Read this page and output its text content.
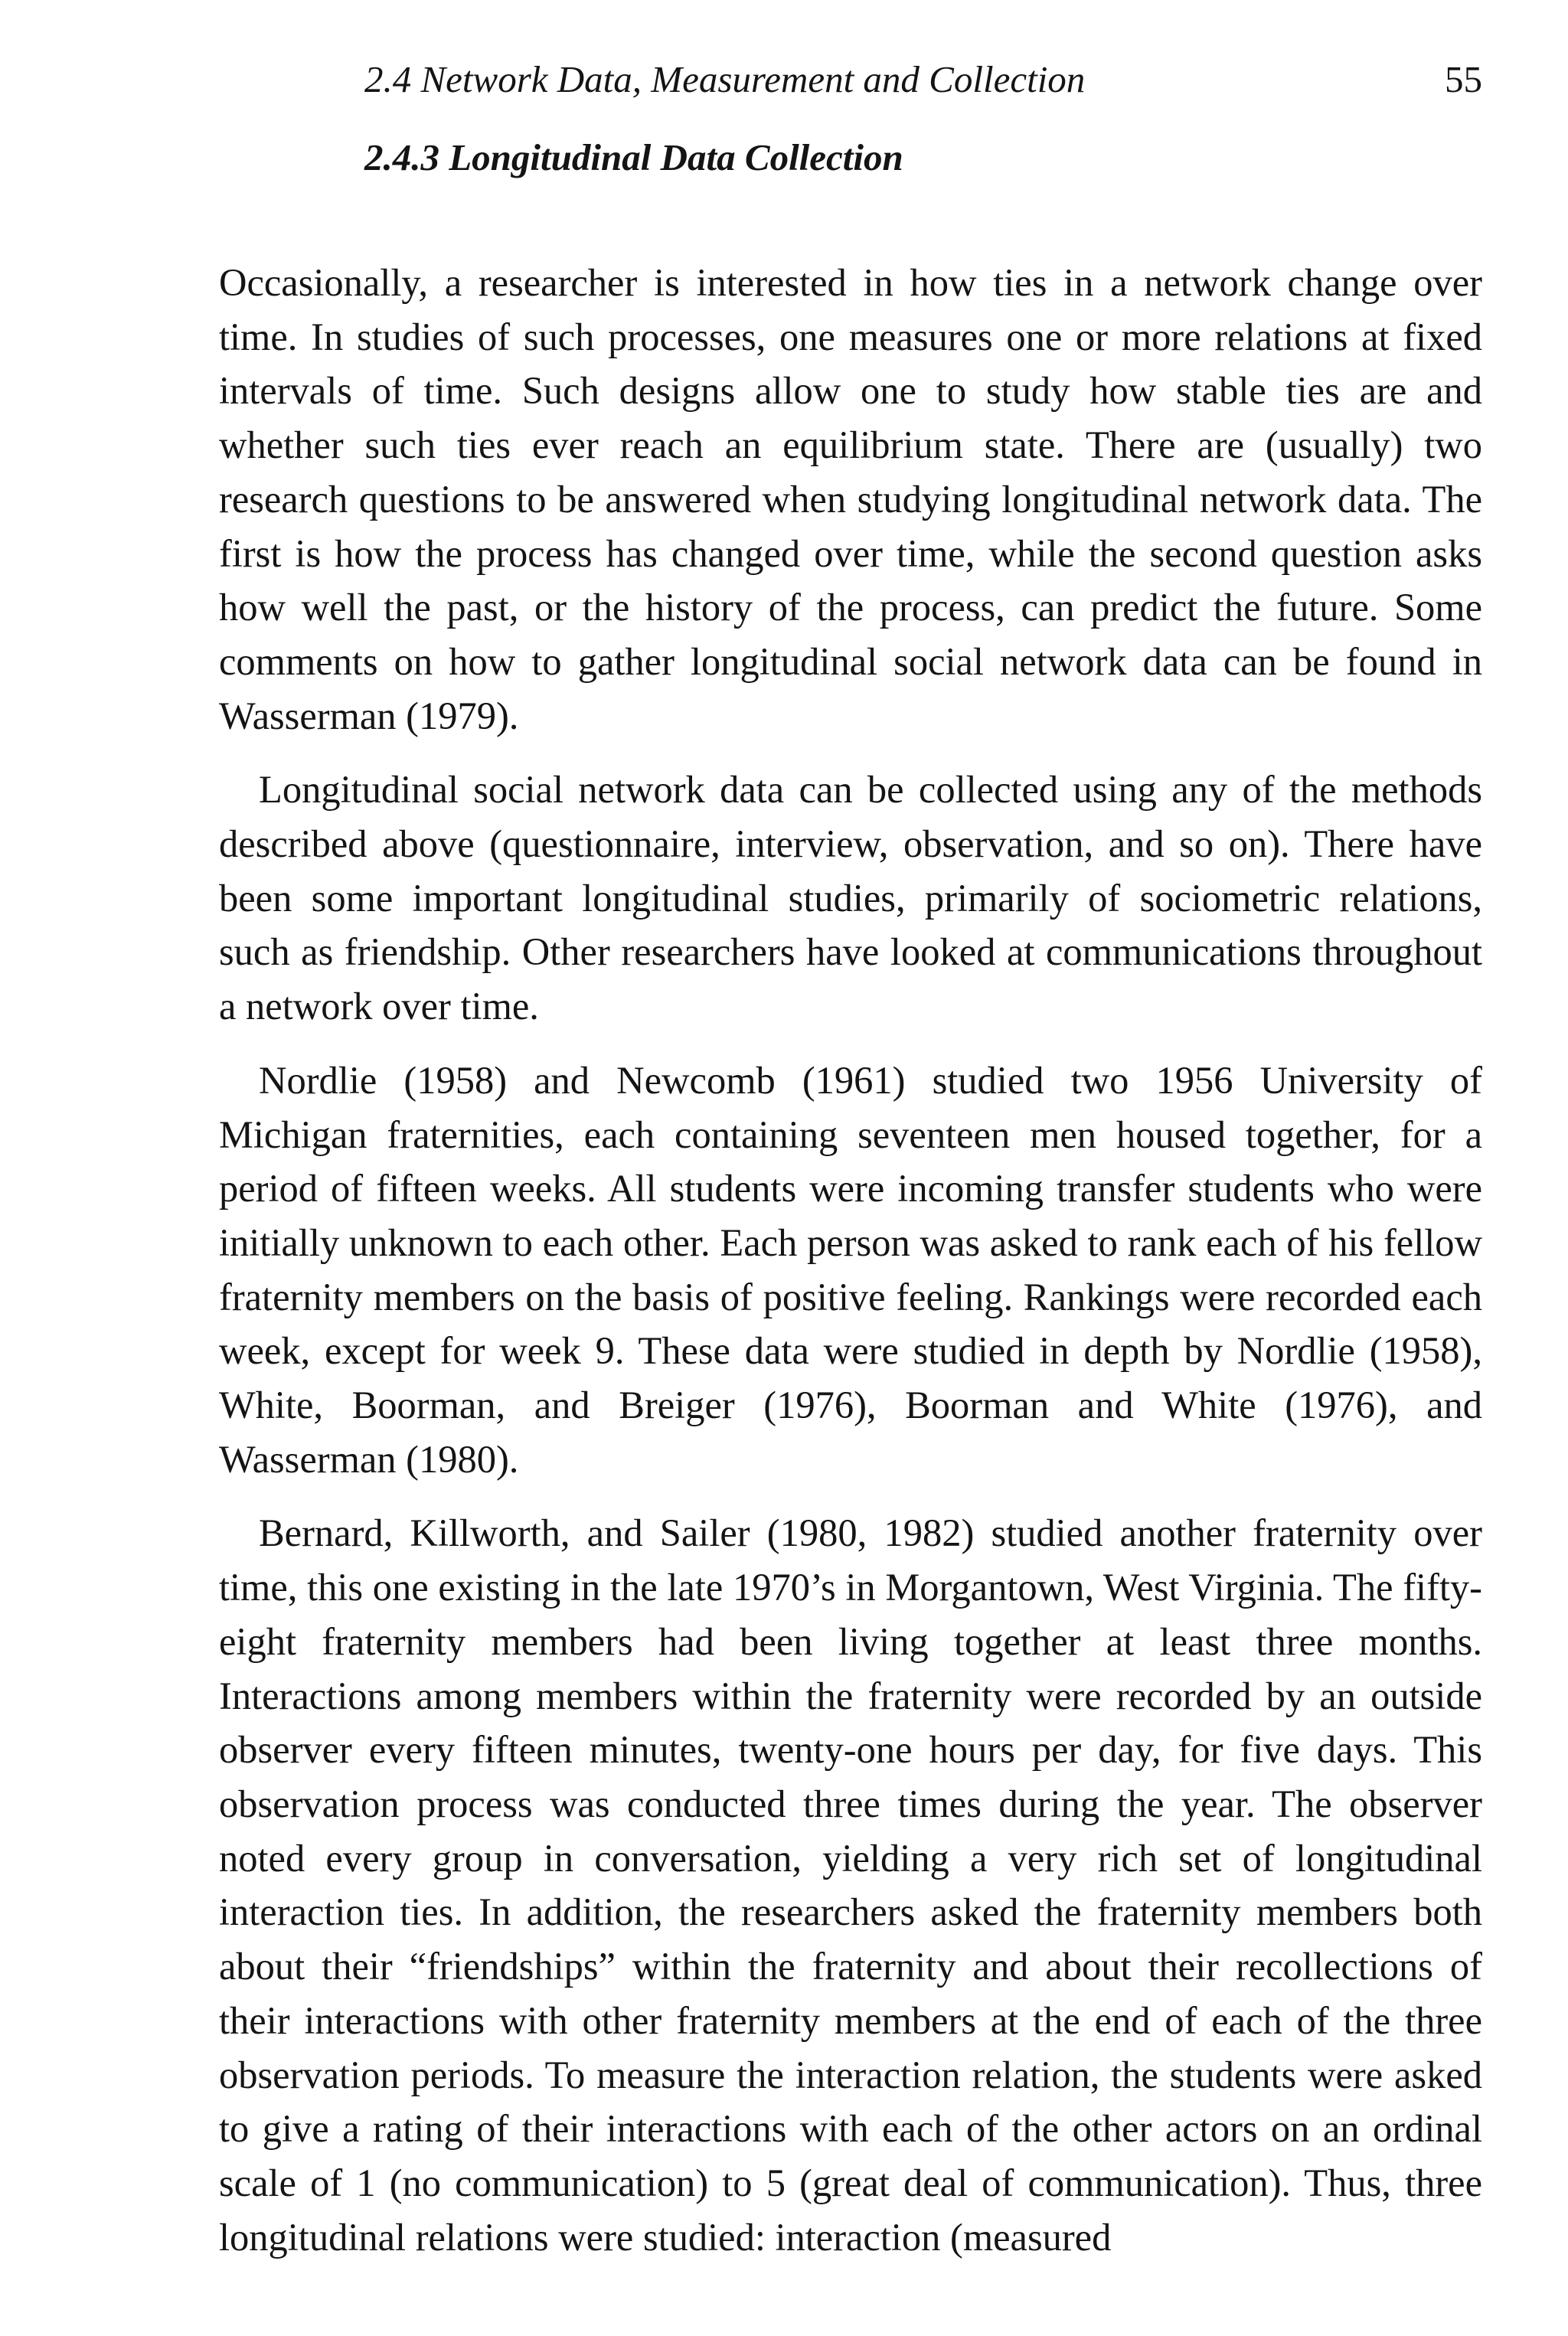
2.4 Network Data, Measurement and Collection	55
2.4.3 Longitudinal Data Collection

Occasionally, a researcher is interested in how ties in a network change over time. In studies of such processes, one measures one or more relations at fixed intervals of time. Such designs allow one to study how stable ties are and whether such ties ever reach an equilibrium state. There are (usually) two research questions to be answered when studying longitudinal network data. The first is how the process has changed over time, while the second question asks how well the past, or the history of the process, can predict the future. Some comments on how to gather longitudinal social network data can be found in Wasserman (1979).

Longitudinal social network data can be collected using any of the methods described above (questionnaire, interview, observation, and so on). There have been some important longitudinal studies, primarily of sociometric relations, such as friendship. Other researchers have looked at communications throughout a network over time.

Nordlie (1958) and Newcomb (1961) studied two 1956 University of Michigan fraternities, each containing seventeen men housed together, for a period of fifteen weeks. All students were incoming transfer students who were initially unknown to each other. Each person was asked to rank each of his fellow fraternity members on the basis of positive feeling. Rankings were recorded each week, except for week 9. These data were studied in depth by Nordlie (1958), White, Boorman, and Breiger (1976), Boorman and White (1976), and Wasserman (1980).

Bernard, Killworth, and Sailer (1980, 1982) studied another fraternity over time, this one existing in the late 1970’s in Morgantown, West Virginia. The fifty-eight fraternity members had been living together at least three months. Interactions among members within the fraternity were recorded by an outside observer every fifteen minutes, twenty-one hours per day, for five days. This observation process was conducted three times during the year. The observer noted every group in conversation, yielding a very rich set of longitudinal interaction ties. In addition, the researchers asked the fraternity members both about their “friendships” within the fraternity and about their recollections of their interactions with other fraternity members at the end of each of the three observation periods. To measure the interaction relation, the students were asked to give a rating of their interactions with each of the other actors on an ordinal scale of 1 (no communication) to 5 (great deal of communication). Thus, three longitudinal relations were studied: interaction (measured
